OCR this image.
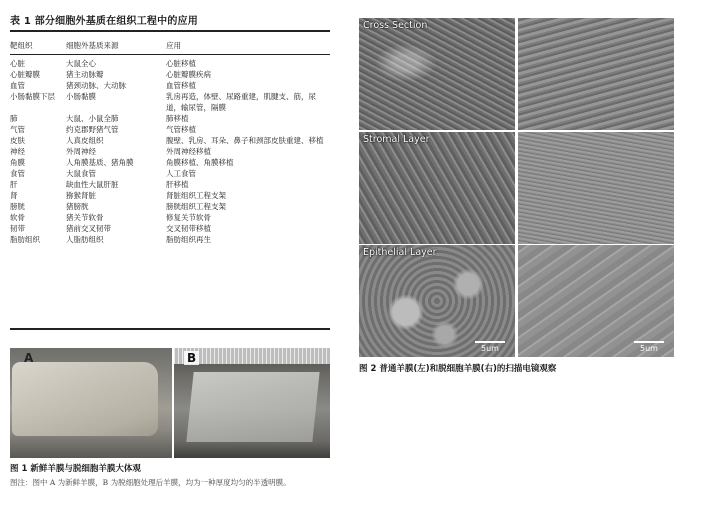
表 1 部分细胞外基质在组织工程中的应用
靶组织	细胞外基质来源	应用
心脏	大鼠全心	心脏移植
心脏瓣膜	猪主动脉瓣	心脏瓣膜疾病
血管	猪颈动脉、大动脉	血管移植
小肠黏膜下层	小肠黏膜	乳房再造，体壁、尿路重建，肌腱支、筋，尿道，输尿管，隔膜
肺	大鼠、小鼠全肺	肺移植
气管	约克郡野猪气管	气管移植
皮肤	人真皮组织	腹壁、乳房、耳朵、鼻子和颈部皮肤重建、移植
神经	外周神经	外周神经移植
角膜	人角膜基质、猪角膜	角膜移植、角膜移植
食管	大鼠食管	人工食管
肝	缺血性大鼠肝脏	肝移植
肾	猕猴肾脏	肾脏组织工程支架
膀胱	猪膀胱	膀胱组织工程支架
软骨	猪关节软骨	修复关节软骨
韧带	猪前交叉韧带	交叉韧带移植
脂肪组织	人脂肪组织	脂肪组织再生
A	B
图 1 新鲜羊膜与脱细胞羊膜大体观
图注：图中 A 为新鲜羊膜，B 为脱细胞处理后羊膜，均为一种厚度均匀的半透明膜。
Cross Section
Stromal Layer
Epithelial Layer
5um	5um
图 2 普通羊膜(左)和脱细胞羊膜(右)的扫描电镜观察
